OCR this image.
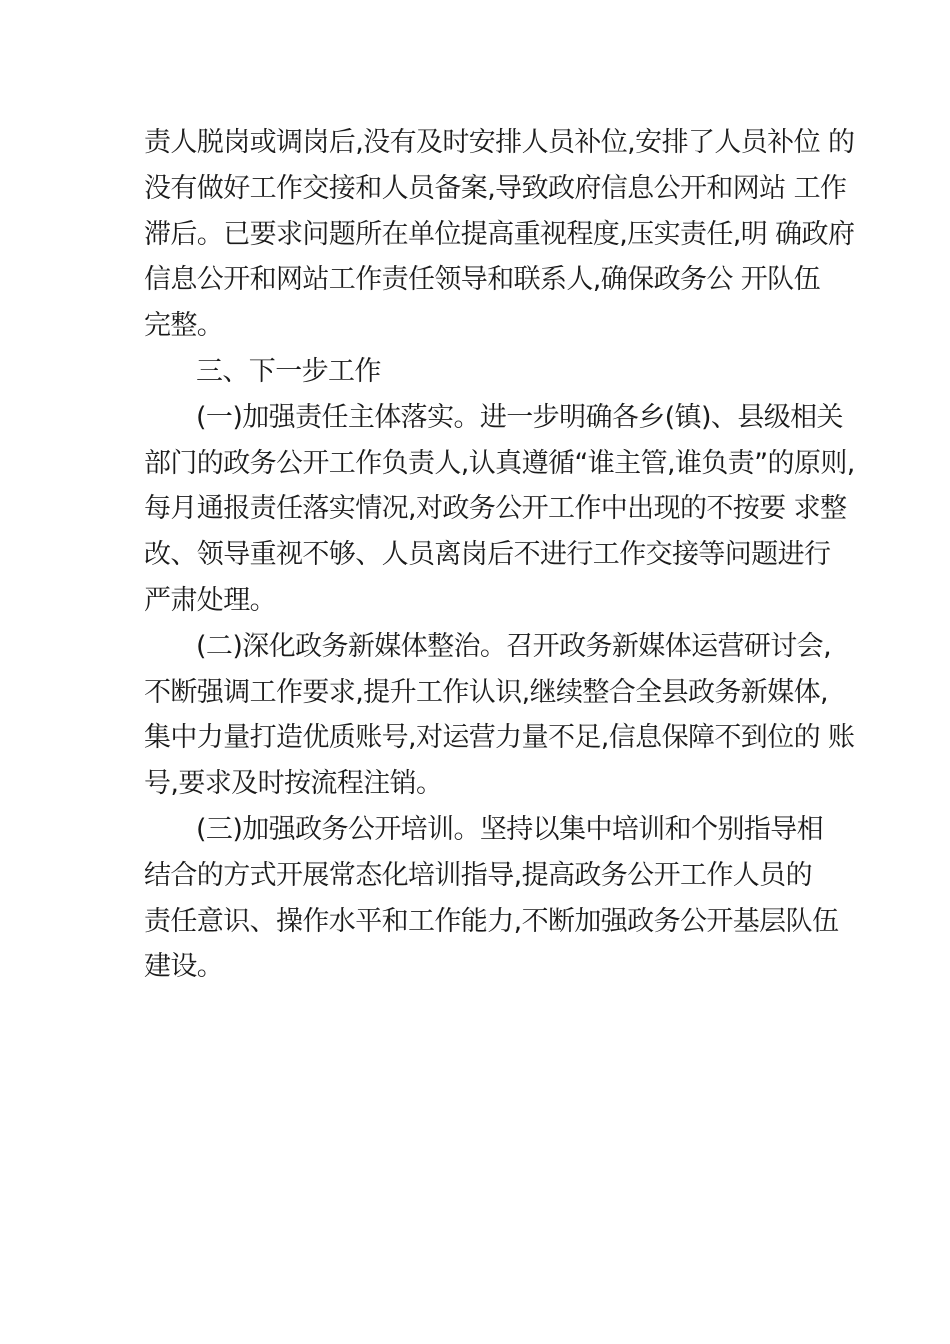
责人脱岗或调岗后,没有及时安排人员补位,安排了人员补位 的
没有做好工作交接和人员备案,导致政府信息公开和网站 工作
滞后。已要求问题所在单位提高重视程度,压实责任,明 确政府
信息公开和网站工作责任领导和联系人,确保政务公 开队伍
完整。
三、下一步工作
(一)加强责任主体落实。进一步明确各乡(镇)、县级相关
部门的政务公开工作负责人,认真遵循“谁主管,谁负责”的原则,
每月通报责任落实情况,对政务公开工作中出现的不按要 求整
改、领导重视不够、人员离岗后不进行工作交接等问题进行
严肃处理。
(二)深化政务新媒体整治。召开政务新媒体运营研讨会,
不断强调工作要求,提升工作认识,继续整合全县政务新媒体,
集中力量打造优质账号,对运营力量不足,信息保障不到位的 账
号,要求及时按流程注销。
(三)加强政务公开培训。坚持以集中培训和个别指导相
结合的方式开展常态化培训指导,提高政务公开工作人员的
责任意识、操作水平和工作能力,不断加强政务公开基层队伍
建设。
